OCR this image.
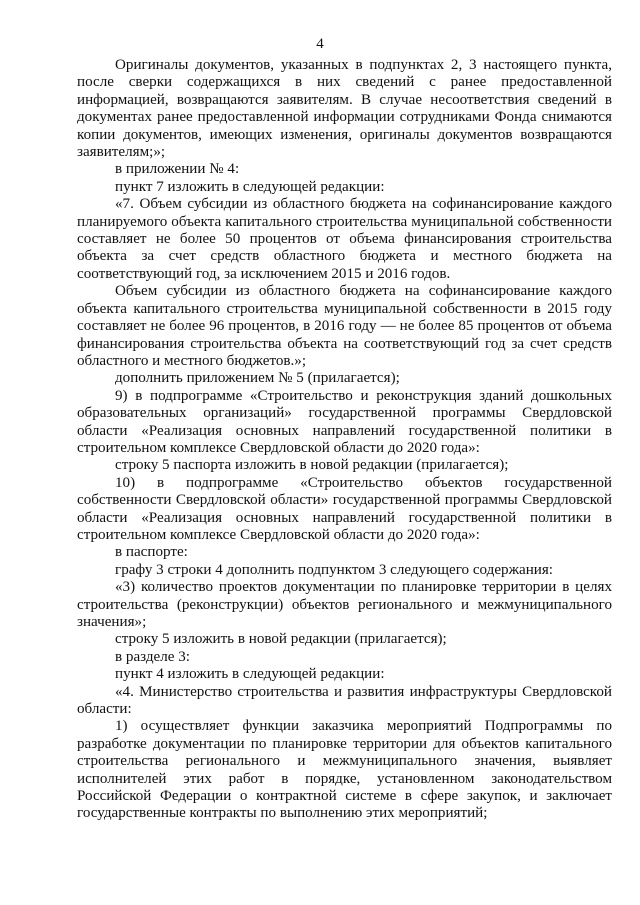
4

Оригиналы документов, указанных в подпунктах 2, 3 настоящего пункта, после сверки содержащихся в них сведений с ранее предоставленной информацией, возвращаются заявителям. В случае несоответствия сведений в документах ранее предоставленной информации сотрудниками Фонда снимаются копии документов, имеющих изменения, оригиналы документов возвращаются заявителям;»;

в приложении № 4:

пункт 7 изложить в следующей редакции:

«7. Объем субсидии из областного бюджета на софинансирование каждого планируемого объекта капитального строительства муниципальной собственности составляет не более 50 процентов от объема финансирования строительства объекта за счет средств областного бюджета и местного бюджета на соответствующий год, за исключением 2015 и 2016 годов.

Объем субсидии из областного бюджета на софинансирование каждого объекта капитального строительства муниципальной собственности в 2015 году составляет не более 96 процентов, в 2016 году — не более 85 процентов от объема финансирования строительства объекта на соответствующий год за счет средств областного и местного бюджетов.»;

дополнить приложением № 5 (прилагается);

9) в подпрограмме «Строительство и реконструкция зданий дошкольных образовательных организаций» государственной программы Свердловской области «Реализация основных направлений государственной политики в строительном комплексе Свердловской области до 2020 года»:

строку 5 паспорта изложить в новой редакции (прилагается);

10) в подпрограмме «Строительство объектов государственной собственности Свердловской области» государственной программы Свердловской области «Реализация основных направлений государственной политики в строительном комплексе Свердловской области до 2020 года»:

в паспорте:

графу 3 строки 4 дополнить подпунктом 3 следующего содержания:

«3) количество проектов документации по планировке территории в целях строительства (реконструкции) объектов регионального и межмуниципального значения»;

строку 5 изложить в новой редакции (прилагается);

в разделе 3:

пункт 4 изложить в следующей редакции:

«4. Министерство строительства и развития инфраструктуры Свердловской области:

1) осуществляет функции заказчика мероприятий Подпрограммы по разработке документации по планировке территории для объектов капитального строительства регионального и межмуниципального значения, выявляет исполнителей этих работ в порядке, установленном законодательством Российской Федерации о контрактной системе в сфере закупок, и заключает государственные контракты по выполнению этих мероприятий;
